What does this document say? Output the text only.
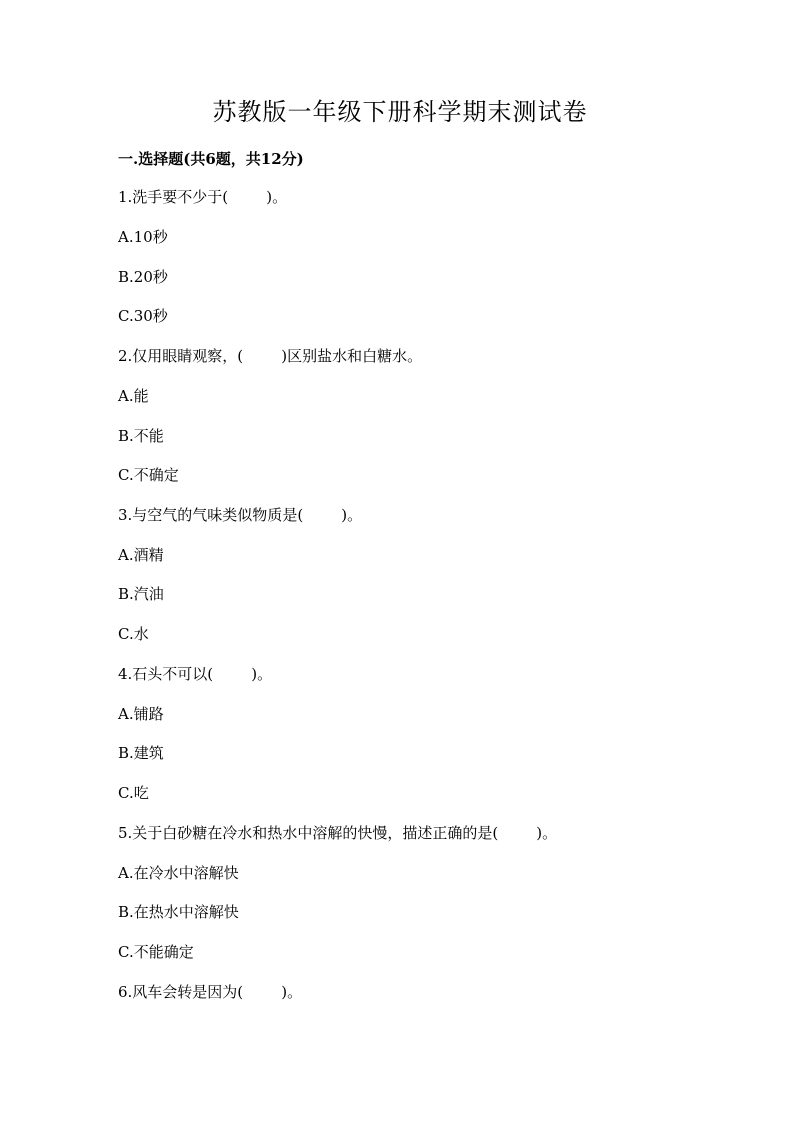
苏教版一年级下册科学期末测试卷
一.选择题(共6题，共12分)
1.洗手要不少于(        )。
A.10秒
B.20秒
C.30秒
2.仅用眼睛观察，(        )区别盐水和白糖水。
A.能
B.不能
C.不确定
3.与空气的气味类似物质是(        )。
A.酒精
B.汽油
C.水
4.石头不可以(        )。
A.铺路
B.建筑
C.吃
5.关于白砂糖在冷水和热水中溶解的快慢，描述正确的是(        )。
A.在冷水中溶解快
B.在热水中溶解快
C.不能确定
6.风车会转是因为(        )。
